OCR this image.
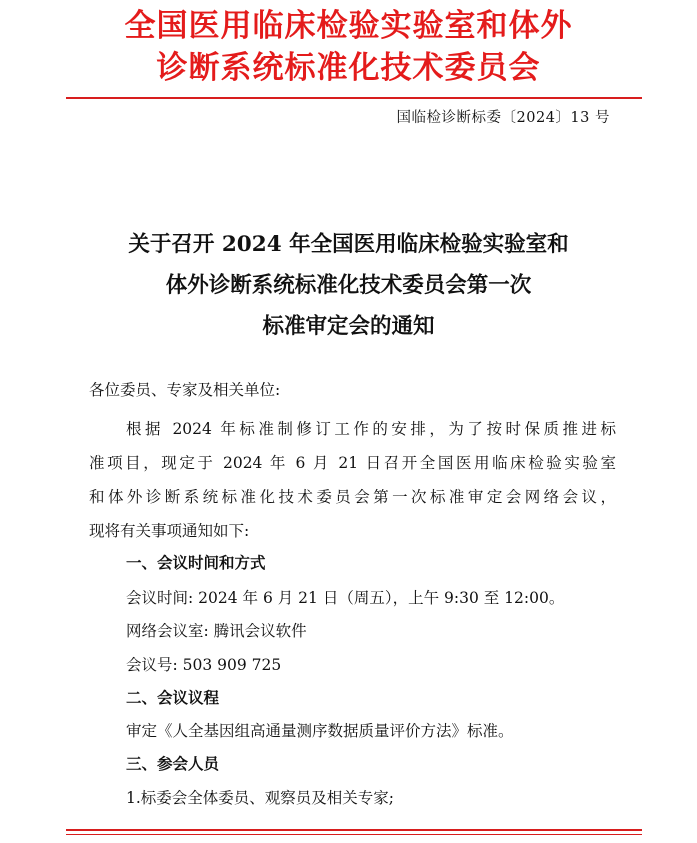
全国医用临床检验实验室和体外
诊断系统标准化技术委员会
国临检诊断标委〔2024〕13 号
关于召开 2024 年全国医用临床检验实验室和
体外诊断系统标准化技术委员会第一次
标准审定会的通知

各位委员、专家及相关单位:

根据 2024 年标准制修订工作的安排，为了按时保质推进标

准项目，现定于 2024 年 6 月 21 日召开全国医用临床检验实验室

和体外诊断系统标准化技术委员会第一次标准审定会网络会议，

现将有关事项通知如下:

一、会议时间和方式

会议时间: 2024 年 6 月 21 日（周五），上午 9:30 至 12:00。

网络会议室: 腾讯会议软件

会议号: 503 909 725

二、会议议程

审定《人全基因组高通量测序数据质量评价方法》标准。

三、参会人员

1.标委会全体委员、观察员及相关专家;
